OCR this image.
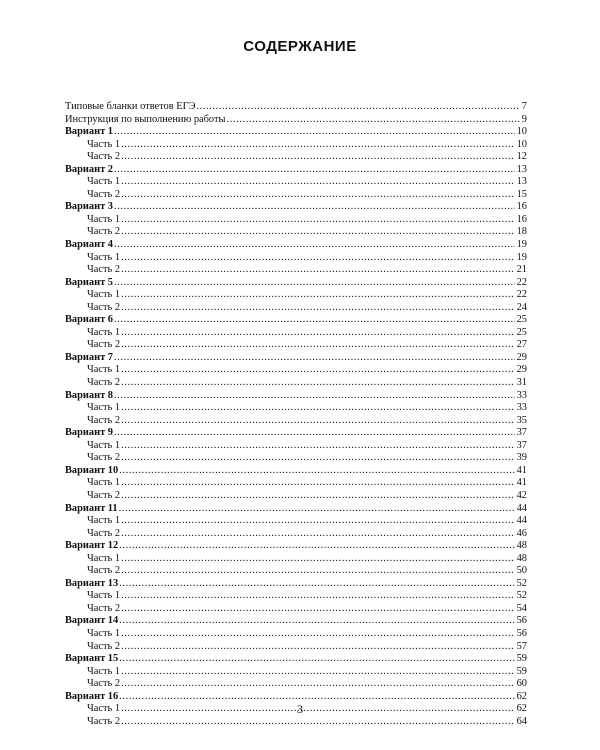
СОДЕРЖАНИЕ
Типовые бланки ответов ЕГЭ .....	7
Инструкция по выполнению работы .....	9
Вариант 1 .....	10
Часть 1 .....	10
Часть 2 .....	12
Вариант 2 .....	13
Часть 1 .....	13
Часть 2 .....	15
Вариант 3 .....	16
Часть 1 .....	16
Часть 2 .....	18
Вариант 4 .....	19
Часть 1 .....	19
Часть 2 .....	21
Вариант 5 .....	22
Часть 1 .....	22
Часть 2 .....	24
Вариант 6 .....	25
Часть 1 .....	25
Часть 2 .....	27
Вариант 7 .....	29
Часть 1 .....	29
Часть 2 .....	31
Вариант 8 .....	33
Часть 1 .....	33
Часть 2 .....	35
Вариант 9 .....	37
Часть 1 .....	37
Часть 2 .....	39
Вариант 10 .....	41
Часть 1 .....	41
Часть 2 .....	42
Вариант 11 .....	44
Часть 1 .....	44
Часть 2 .....	46
Вариант 12 .....	48
Часть 1 .....	48
Часть 2 .....	50
Вариант 13 .....	52
Часть 1 .....	52
Часть 2 .....	54
Вариант 14 .....	56
Часть 1 .....	56
Часть 2 .....	57
Вариант 15 .....	59
Часть 1 .....	59
Часть 2 .....	60
Вариант 16 .....	62
Часть 1 .....	62
Часть 2 .....	64
3
